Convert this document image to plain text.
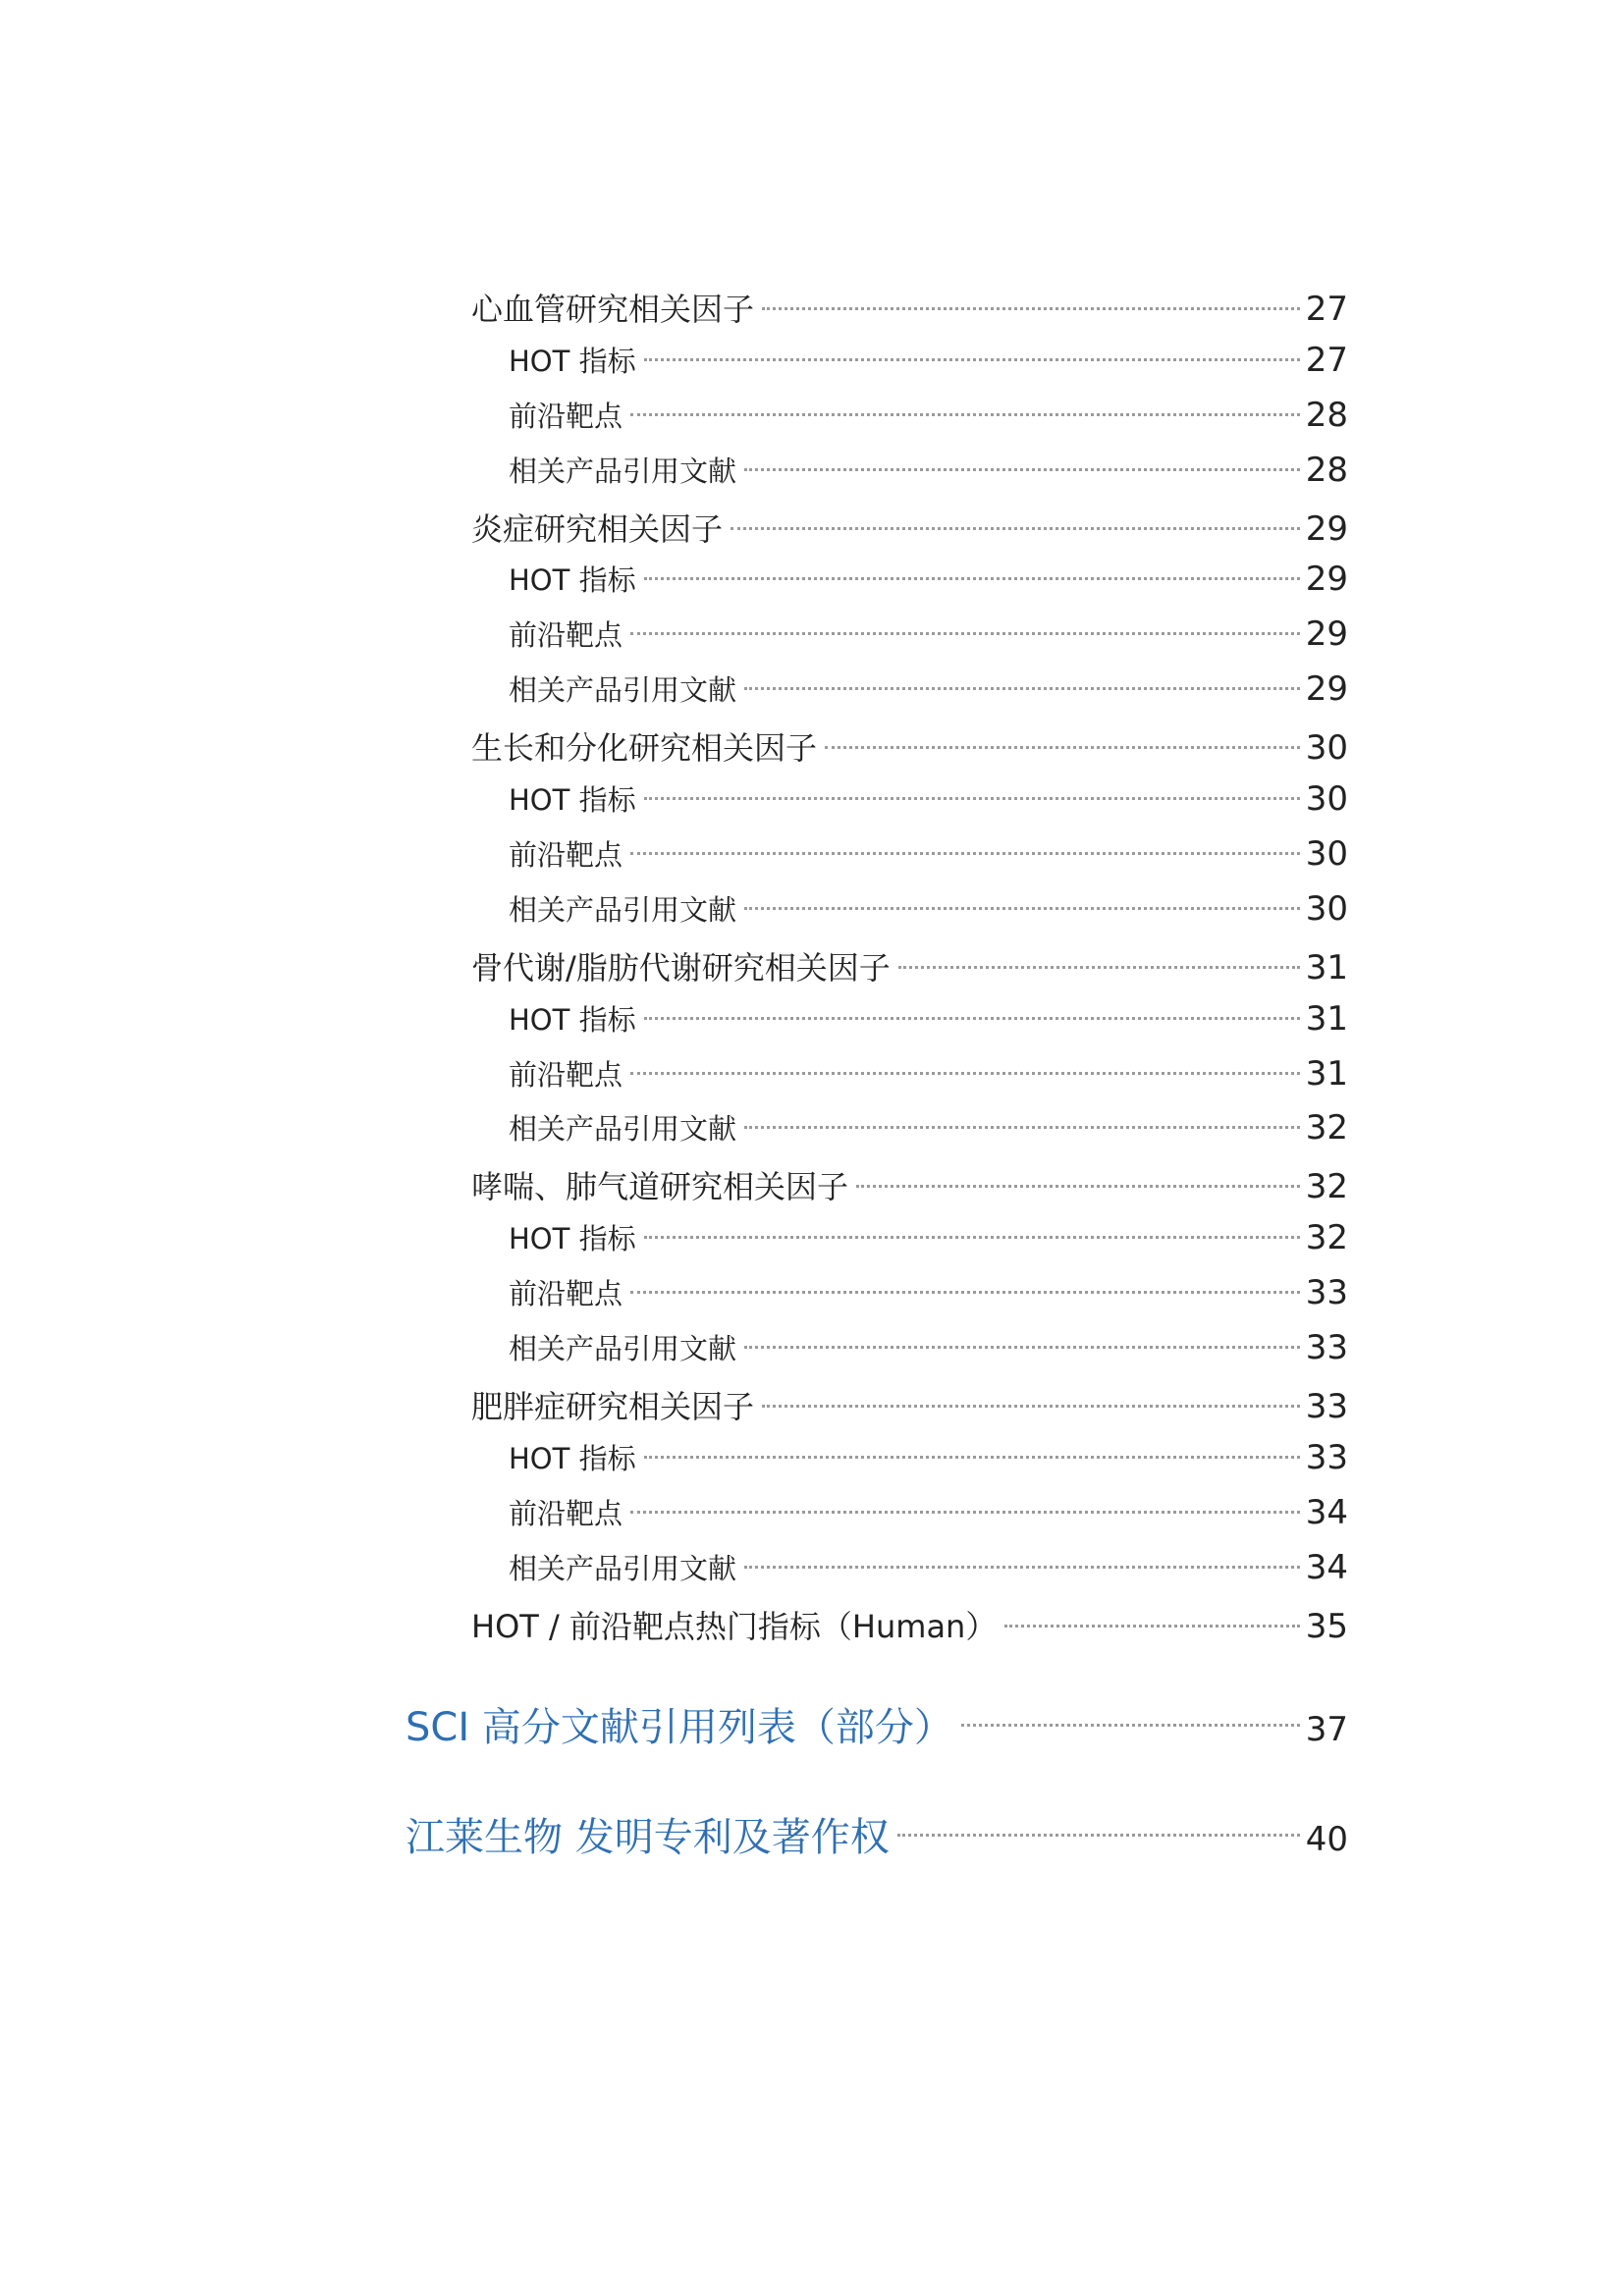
心血管研究相关因子	27
HOT 指标	27
前沿靶点	28
相关产品引用文献	28
炎症研究相关因子	29
HOT 指标	29
前沿靶点	29
相关产品引用文献	29
生长和分化研究相关因子	30
HOT 指标	30
前沿靶点	30
相关产品引用文献	30
骨代谢/脂肪代谢研究相关因子	31
HOT 指标	31
前沿靶点	31
相关产品引用文献	32
哮喘、肺气道研究相关因子	32
HOT 指标	32
前沿靶点	33
相关产品引用文献	33
肥胖症研究相关因子	33
HOT 指标	33
前沿靶点	34
相关产品引用文献	34
HOT / 前沿靶点热门指标（Human）	35
SCI 高分文献引用列表（部分）	37
江莱生物 发明专利及著作权	40
